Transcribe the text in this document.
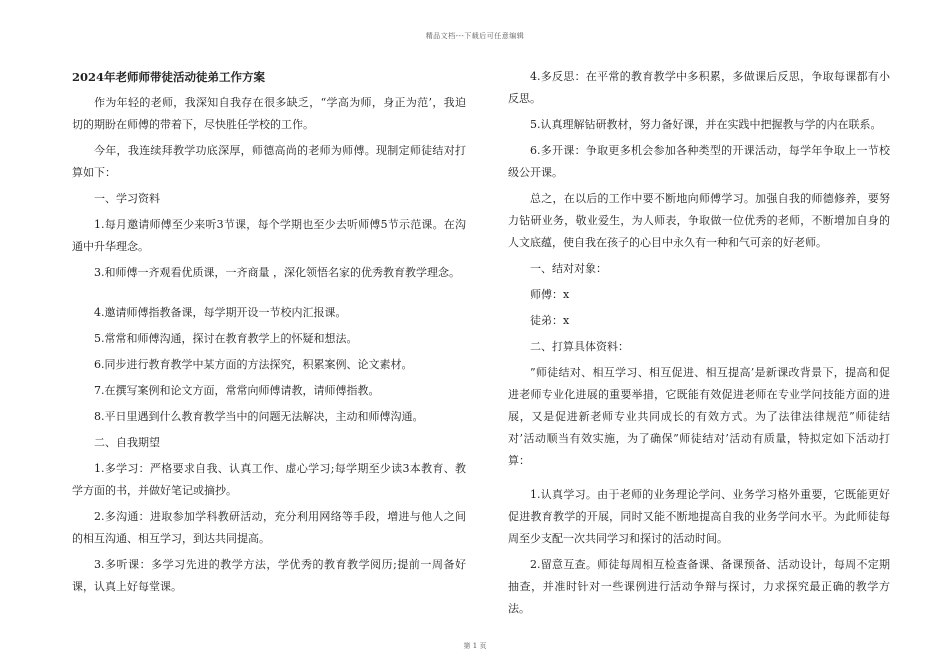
精品文档---下载后可任意编辑

2024年老师师带徒活动徒弟工作方案

作为年轻的老师，我深知自我存在很多缺乏，“学高为师，身正为范’，我迫切的期盼在师傅的带着下，尽快胜任学校的工作。

今年，我连续拜教学功底深厚，师德高尚的老师为师傅。现制定师徒结对打算如下：

一、学习资料

1.每月邀请师傅至少来听3节课，每个学期也至少去听师傅5节示范课。在沟通中升华理念。

3.和师傅一齐观看优质课，一齐商量 ，深化领悟名家的优秀教育教学理念。

4.邀请师傅指教备课，每学期开设一节校内汇报课。

5.常常和师傅沟通，探讨在教育教学上的怀疑和想法。

6.同步进行教育教学中某方面的方法探究，积累案例、论文素材。

7.在撰写案例和论文方面，常常向师傅请教，请师傅指教。

8.平日里遇到什么教育教学当中的问题无法解决，主动和师傅沟通。

二、自我期望

1.多学习：严格要求自我、认真工作、虚心学习;每学期至少读3本教育、教学方面的书，并做好笔记或摘抄。

2.多沟通：进取参加学科教研活动，充分利用网络等手段，增进与他人之间的相互沟通、相互学习，到达共同提高。

3.多听课：多学习先进的教学方法，学优秀的教育教学阅历;提前一周备好课，认真上好每堂课。

4.多反思：在平常的教育教学中多积累，多做课后反思，争取每课都有小反思。

5.认真理解钻研教材，努力备好课，并在实践中把握教与学的内在联系。

6.多开课：争取更多机会参加各种类型的开课活动，每学年争取上一节校级公开课。

总之，在以后的工作中要不断地向师傅学习。加强自我的师德修养，要努力钻研业务，敬业爱生，为人师表，争取做一位优秀的老师，不断增加自身的人文底蕴，使自我在孩子的心目中永久有一种和气可亲的好老师。

一、结对对象：

师傅：x

徒弟：x

二、打算具体资料：

”师徒结对、相互学习、相互促进、相互提高’是新课改背景下，提高和促进老师专业化进展的重要举措，它既能有效促进老师在专业学问技能方面的进展，又是促进新老师专业共同成长的有效方式。为了法律法律规范”师徒结对’活动顺当有效实施，为了确保”师徒结对’活动有质量，特拟定如下活动打算：

1.认真学习。由于老师的业务理论学问、业务学习格外重要，它既能更好促进教育教学的开展，同时又能不断地提高自我的业务学问水平。为此师徒每周至少支配一次共同学习和探讨的活动时间。

2.留意互查。师徒每周相互检查备课、备课预备、活动设计，每周不定期抽查，并准时针对一些课例进行活动争辩与探讨，力求探究最正确的教学方法。

第 1 页
